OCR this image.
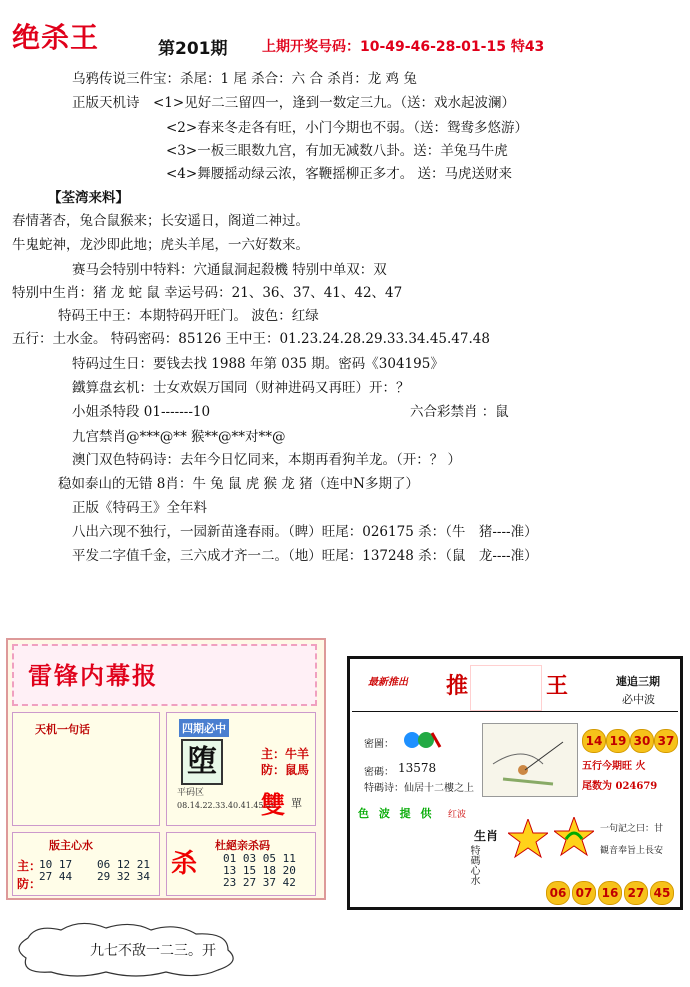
绝杀王	第201期 上期开奖号码：10-49-46-28-01-15 特43
乌鸦传说三件宝：杀尾：1 尾 杀合：六 合 杀肖：龙 鸡 兔
正版天机诗　<1>见好二三留四一，逢到一数定三九。（送：戏水起波澜）
<2>春来冬走各有旺，小门今期也不弱。（送：鸳鸯多悠游）
<3>一板三眼数九宫，有加无减数八卦。送：羊兔马牛虎
<4>舞腰摇动绿云浓，客鞭摇柳正多才。 送：马虎送财来
【荃湾来料】
春情著杏，兔合鼠猴来；长安遥日，阁道二神过。
牛鬼蛇神，龙沙即此地；虎头羊尾，一六好数来。
赛马会特别中特料：穴通鼠洞起殺機 特别中单双：双
特别中生肖：猪 龙 蛇 鼠 幸运号码：21、36、37、41、42、47
特码王中王：本期特码开旺门。 波色：红绿
五行：土水金。 特码密码：85126 王中王：01.23.24.28.29.33.34.45.47.48
特码过生日：要钱去找 1988 年第 035 期。密码《304195》
鐵算盘玄机：士女欢娱万国同（财神进码又再旺）开：？
小姐杀特段 01-------10	六合彩禁肖 ：鼠
九宫禁肖@***@** 猴**@**对**@
澳门双色特码诗：去年今日忆同来，本期再看狗羊龙。（开：？ ）
稳如泰山的无错 8肖：牛 兔 鼠 虎 猴 龙 猪（连中N多期了）
正版《特码王》全年料
八出六现不独行，一园新苗逢春雨。（睥）旺尾：026175 杀：（牛　猪----准）
平发二字值千金，三六成才齐一二。（地）旺尾：137248 杀：（鼠　龙----准）
雷锋内幕报
天机一句话	四期必中
堕	主：牛羊
防：鼠馬
平码区
08.14.22.33.40.41.45.46
雙 單
版主心水
主：
防：
10 17 27 44
06 12 21 29 32 34 杀
杜絕亲杀码
01 03 05 11 13 15 18 20 23 27 37 42
最新推出 推	王	連追三期
必中波
密圖：
密碼： 13578
特碼诗：仙居十二樓之上
14 19 30 37
五行今期旺 火
尾数为 024679
色 波 提 供 红波
生肖
特碼心水
一句記之曰：甘
観音奉旨上長安
06 07 16 27 45
九七不敌一二三。开
